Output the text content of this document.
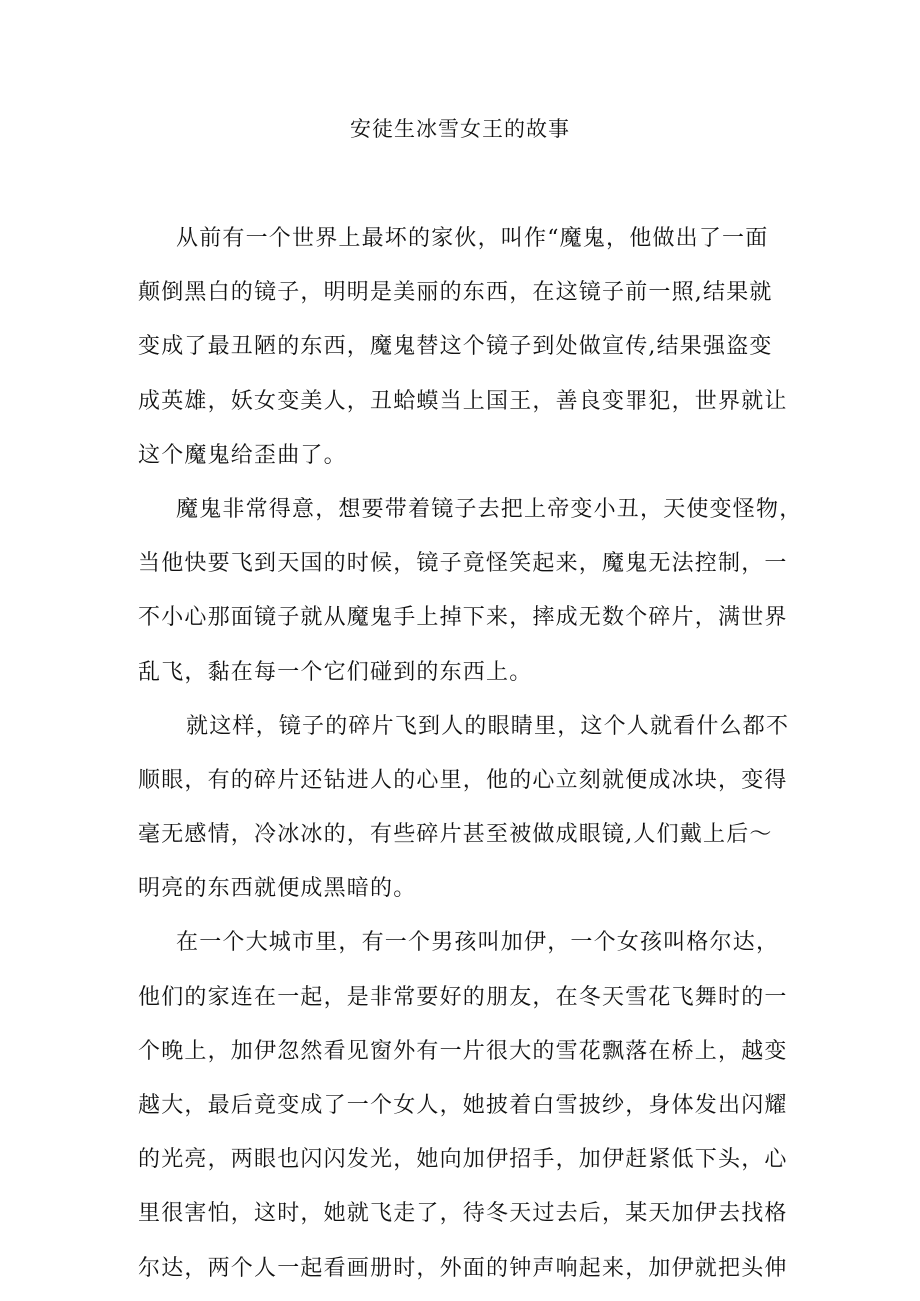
安徒生冰雪女王的故事

从前有一个世界上最坏的家伙，叫作“魔鬼，他做出了一面

颠倒黑白的镜子，明明是美丽的东西，在这镜子前一照,结果就

变成了最丑陋的东西，魔鬼替这个镜子到处做宣传,结果强盗变

成英雄，妖女变美人，丑蛤蟆当上国王，善良变罪犯，世界就让

这个魔鬼给歪曲了。

魔鬼非常得意，想要带着镜子去把上帝变小丑，天使变怪物，

当他快要飞到天国的时候，镜子竟怪笑起来，魔鬼无法控制，一

不小心那面镜子就从魔鬼手上掉下来，摔成无数个碎片，满世界

乱飞，黏在每一个它们碰到的东西上。

就这样，镜子的碎片飞到人的眼睛里，这个人就看什么都不

顺眼，有的碎片还钻进人的心里，他的心立刻就便成冰块，变得

毫无感情，冷冰冰的，有些碎片甚至被做成眼镜,人们戴上后～

明亮的东西就便成黑暗的。

在一个大城市里，有一个男孩叫加伊，一个女孩叫格尔达，

他们的家连在一起，是非常要好的朋友，在冬天雪花飞舞时的一

个晚上，加伊忽然看见窗外有一片很大的雪花飘落在桥上，越变

越大，最后竟变成了一个女人，她披着白雪披纱，身体发出闪耀

的光亮，两眼也闪闪发光，她向加伊招手，加伊赶紧低下头，心

里很害怕，这时，她就飞走了，待冬天过去后，某天加伊去找格

尔达，两个人一起看画册时，外面的钟声响起来，加伊就把头伸
